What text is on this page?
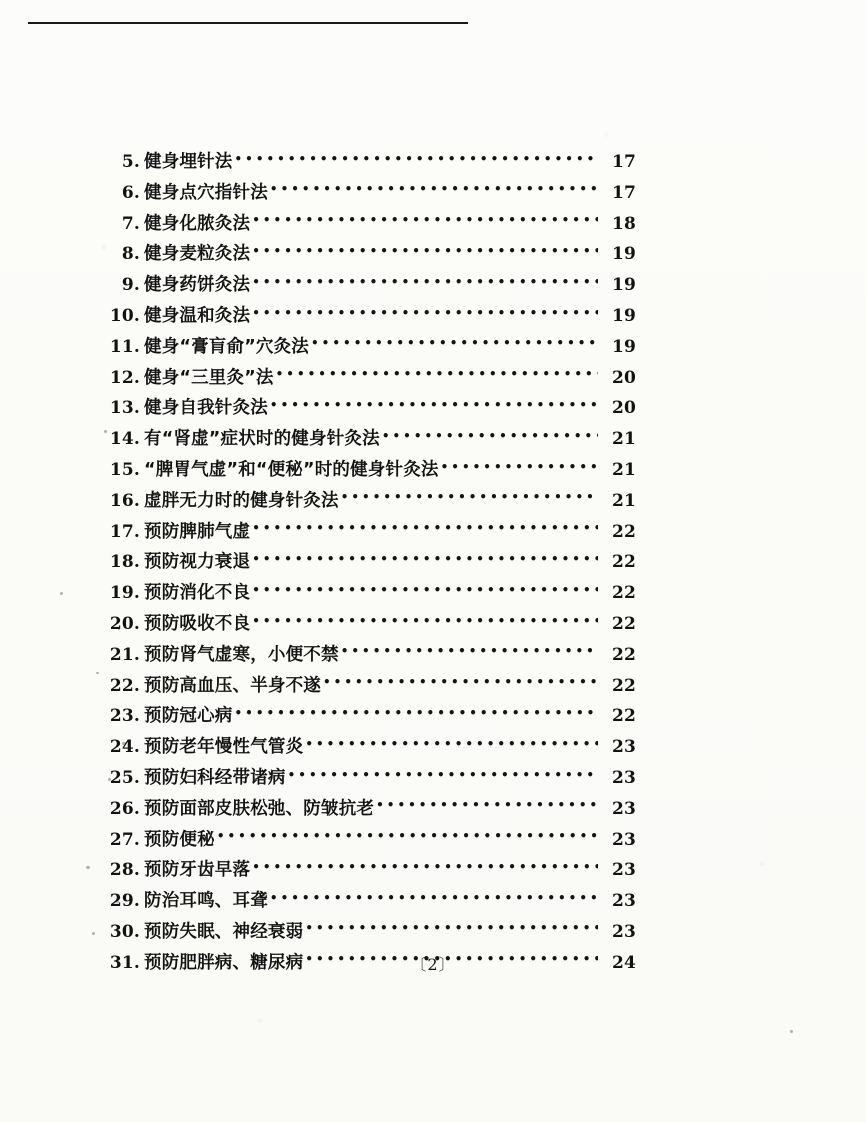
5. 健身埋针法 •••••	17
6. 健身点穴指针法 •••••	17
7. 健身化脓灸法 •••••	18
8. 健身麦粒灸法 •••••	19
9. 健身药饼灸法 •••••	19
10. 健身温和灸法 •••••	19
11. 健身“膏肓俞”穴灸法 •••••	19
12. 健身“三里灸”法 •••••	20
13. 健身自我针灸法 •••••	20
14. 有“肾虚”症状时的健身针灸法 •••••	21
15. “脾胃气虚”和“便秘”时的健身针灸法 •••••	21
16. 虚胖无力时的健身针灸法 •••••	21
17. 预防脾肺气虚 •••••	22
18. 预防视力衰退 •••••	22
19. 预防消化不良 •••••	22
20. 预防吸收不良 •••••	22
21. 预防肾气虚寒，小便不禁 •••••	22
22. 预防高血压、半身不遂 •••••	22
23. 预防冠心病 •••••	22
24. 预防老年慢性气管炎 •••••	23
25. 预防妇科经带诸病 •••••	23
26. 预防面部皮肤松弛、防皱抗老 •••••	23
27. 预防便秘 •••••	23
28. 预防牙齿早落 •••••	23
29. 防治耳鸣、耳聋 •••••	23
30. 预防失眠、神经衰弱 •••••	23
31. 预防肥胖病、糖尿病 •••••	24
〔2〕
